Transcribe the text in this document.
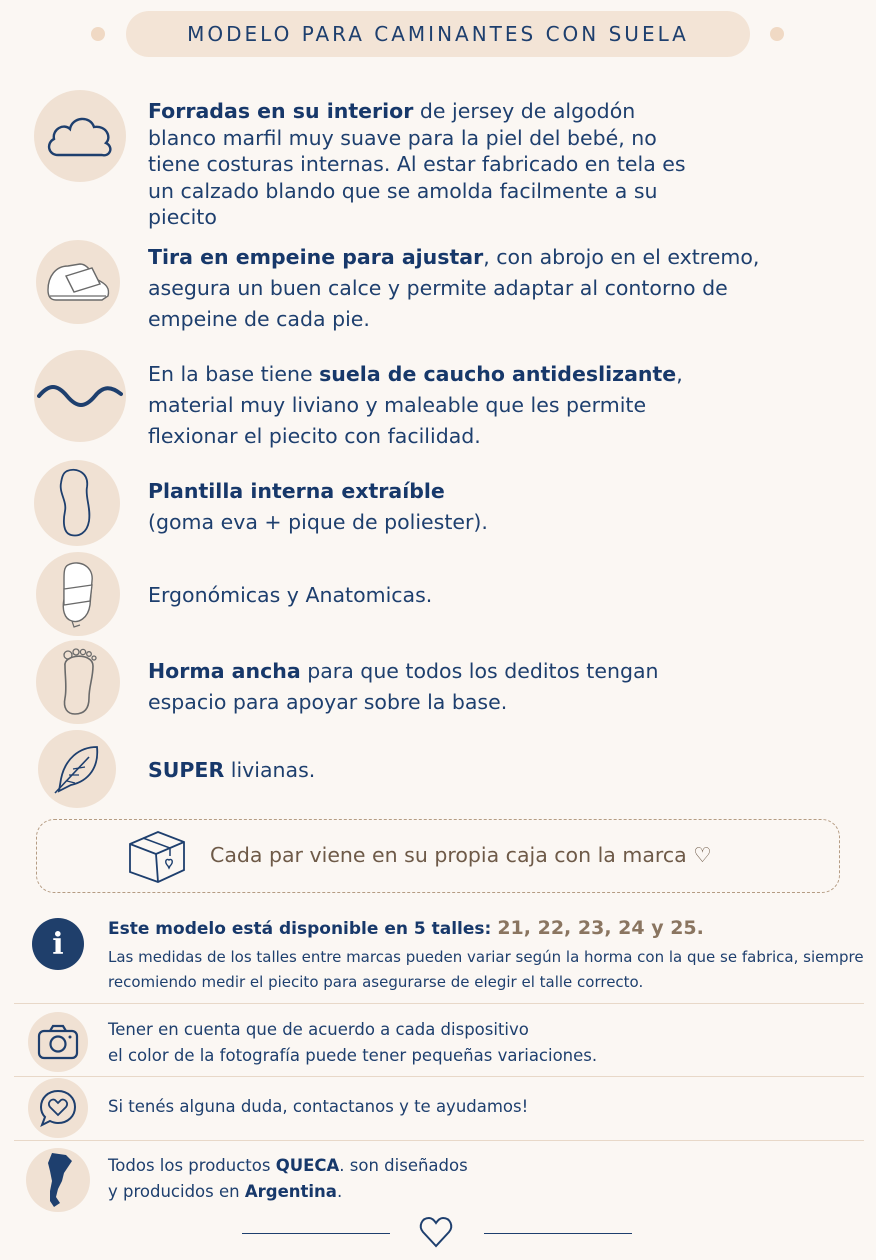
MODELO PARA CAMINANTES CON SUELA
Forradas en su interior de jersey de algodón blanco marfil muy suave para la piel del bebé, no tiene costuras internas. Al estar fabricado en tela es un calzado blando que se amolda facilmente a su piecito
Tira en empeine para ajustar, con abrojo en el extremo, asegura un buen calce y permite adaptar al contorno de empeine de cada pie.
En la base tiene suela de caucho antideslizante, material muy liviano y maleable que les permite flexionar el piecito con facilidad.
Plantilla interna extraíble
(goma eva + pique de poliester).
Ergonómicas y Anatomicas.
Horma ancha para que todos los deditos tengan espacio para apoyar sobre la base.
SUPER livianas.
Cada par viene en su propia caja con la marca ♡
i	Este modelo está disponible en 5 talles: 21, 22, 23, 24 y 25.
Las medidas de los talles entre marcas pueden variar según la horma con la que se fabrica, siempre recomiendo medir el piecito para asegurarse de elegir el talle correcto.
Tener en cuenta que de acuerdo a cada dispositivo
el color de la fotografía puede tener pequeñas variaciones.
Si tenés alguna duda, contactanos y te ayudamos!
Todos los productos QUECA. son diseñados
y producidos en Argentina.
